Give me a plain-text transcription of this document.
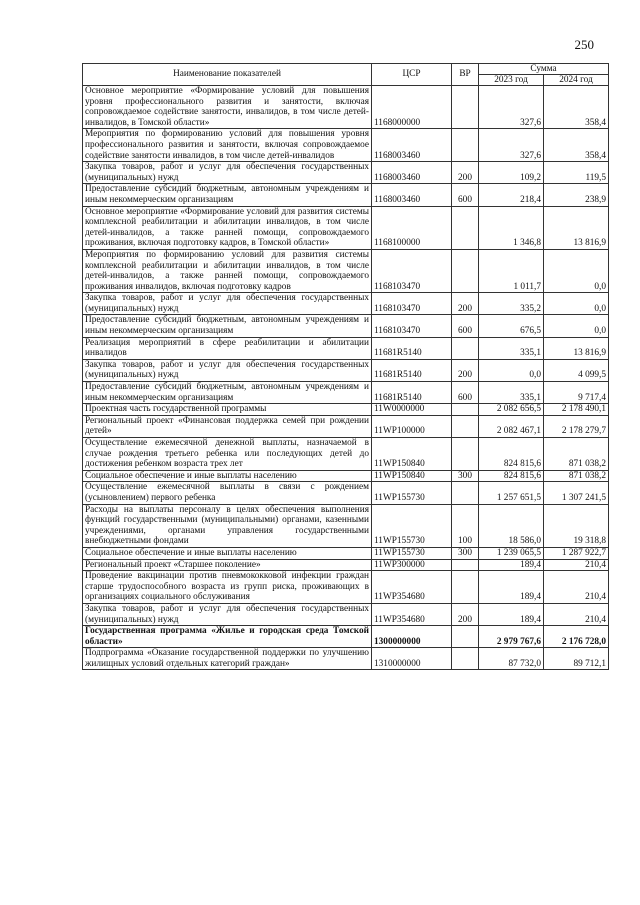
250
Наименование показателей	ЦСР	ВР	Сумма	
			2023 год	2024 год
Основное мероприятие «Формирование условий для повышения уровня профессионального развития и занятости, включая сопровождаемое содействие занятости, инвалидов, в том числе детей-инвалидов, в Томской области»	1168000000		327,6	358,4
Мероприятия по формированию условий для повышения уровня профессионального развития и занятости, включая сопровождаемое содействие занятости инвалидов, в том числе детей-инвалидов	1168003460		327,6	358,4
Закупка товаров, работ и услуг для обеспечения государственных (муниципальных) нужд	1168003460	200	109,2	119,5
Предоставление субсидий бюджетным, автономным учреждениям и иным некоммерческим организациям	1168003460	600	218,4	238,9
Основное мероприятие «Формирование условий для развития системы комплексной реабилитации и абилитации инвалидов, в том числе детей-инвалидов, а также ранней помощи, сопровождаемого проживания, включая подготовку кадров, в Томской области»	1168100000		1 346,8	13 816,9
Мероприятия по формированию условий для развития системы комплексной реабилитации и абилитации инвалидов, в том числе детей-инвалидов, а также ранней помощи, сопровождаемого проживания инвалидов, включая подготовку кадров	1168103470		1 011,7	0,0
Закупка товаров, работ и услуг для обеспечения государственных (муниципальных) нужд	1168103470	200	335,2	0,0
Предоставление субсидий бюджетным, автономным учреждениям и иным некоммерческим организациям	1168103470	600	676,5	0,0
Реализация мероприятий в сфере реабилитации и абилитации инвалидов	11681R5140		335,1	13 816,9
Закупка товаров, работ и услуг для обеспечения государственных (муниципальных) нужд	11681R5140	200	0,0	4 099,5
Предоставление субсидий бюджетным, автономным учреждениям и иным некоммерческим организациям	11681R5140	600	335,1	9 717,4
Проектная часть государственной программы	11W0000000		2 082 656,5	2 178 490,1
Региональный проект «Финансовая поддержка семей при рождении детей»	11WP100000		2 082 467,1	2 178 279,7
Осуществление ежемесячной денежной выплаты, назначаемой в случае рождения третьего ребенка или последующих детей до достижения ребенком возраста трех лет	11WP150840		824 815,6	871 038,2
Социальное обеспечение и иные выплаты населению	11WP150840	300	824 815,6	871 038,2
Осуществление ежемесячной выплаты в связи с рождением (усыновлением) первого ребенка	11WP155730		1 257 651,5	1 307 241,5
Расходы на выплаты персоналу в целях обеспечения выполнения функций государственными (муниципальными) органами, казенными учреждениями, органами управления государственными внебюджетными фондами	11WP155730	100	18 586,0	19 318,8
Социальное обеспечение и иные выплаты населению	11WP155730	300	1 239 065,5	1 287 922,7
Региональный проект «Старшее поколение»	11WP300000		189,4	210,4
Проведение вакцинации против пневмококковой инфекции граждан старше трудоспособного возраста из групп риска, проживающих в организациях социального обслуживания	11WP354680		189,4	210,4
Закупка товаров, работ и услуг для обеспечения государственных (муниципальных) нужд	11WP354680	200	189,4	210,4
Государственная программа «Жилье и городская среда Томской области»	1300000000		2 979 767,6	2 176 728,0
Подпрограмма «Оказание государственной поддержки по улучшению жилищных условий отдельных категорий граждан»	1310000000		87 732,0	89 712,1
